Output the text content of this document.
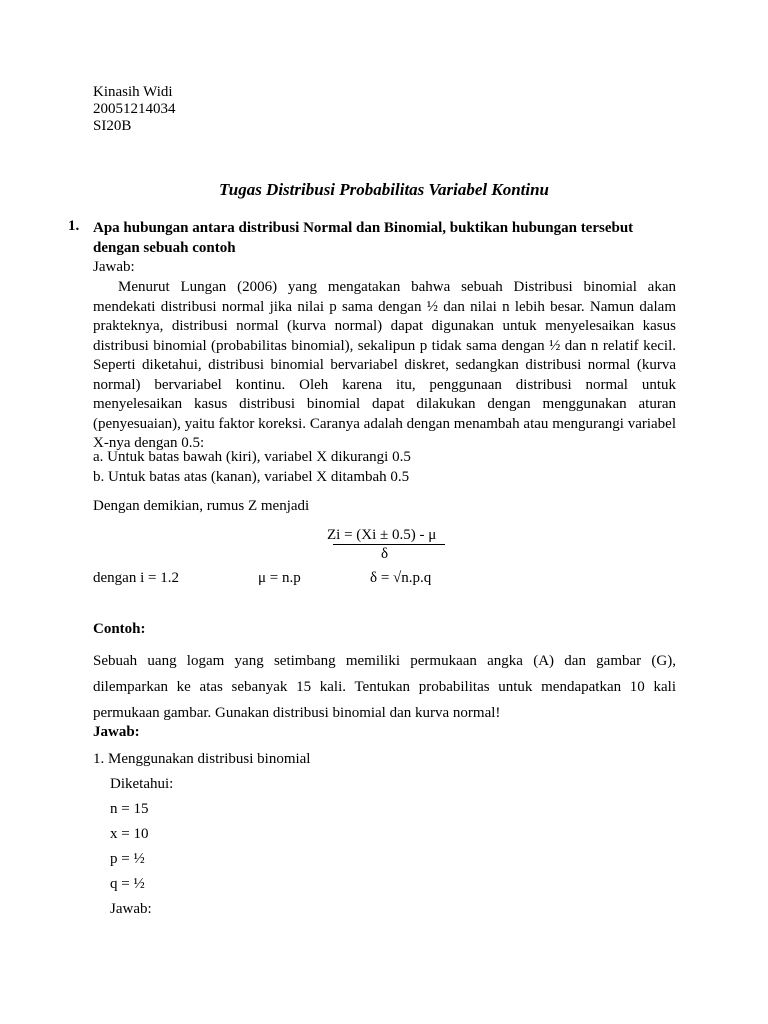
Kinasih Widi
20051214034
SI20B
Tugas Distribusi Probabilitas Variabel Kontinu
1. Apa hubungan antara distribusi Normal dan Binomial, buktikan hubungan tersebut dengan sebuah contoh
Jawab:

Menurut Lungan (2006) yang mengatakan bahwa sebuah Distribusi binomial akan mendekati distribusi normal jika nilai p sama dengan ½ dan nilai n lebih besar. Namun dalam prakteknya, distribusi normal (kurva normal) dapat digunakan untuk menyelesaikan kasus distribusi binomial (probabilitas binomial), sekalipun p tidak sama dengan ½ dan n relatif kecil. Seperti diketahui, distribusi binomial bervariabel diskret, sedangkan distribusi normal (kurva normal) bervariabel kontinu. Oleh karena itu, penggunaan distribusi normal untuk menyelesaikan kasus distribusi binomial dapat dilakukan dengan menggunakan aturan (penyesuaian), yaitu faktor koreksi. Caranya adalah dengan menambah atau mengurangi variabel X-nya dengan 0.5:

a. Untuk batas bawah (kiri), variabel X dikurangi 0.5
b. Untuk batas atas (kanan), variabel X ditambah 0.5
Dengan demikian, rumus Z menjadi
Zi = (Xi ± 0.5) - μ
δ
dengan i = 1.2	μ = n.p	δ = √n.p.q
Contoh:
Sebuah uang logam yang setimbang memiliki permukaan angka (A) dan gambar (G), dilemparkan ke atas sebanyak 15 kali. Tentukan probabilitas untuk mendapatkan 10 kali permukaan gambar. Gunakan distribusi binomial dan kurva normal!
Jawab:
1. Menggunakan distribusi binomial
Diketahui:
n = 15
x = 10
p = ½
q = ½
Jawab:
